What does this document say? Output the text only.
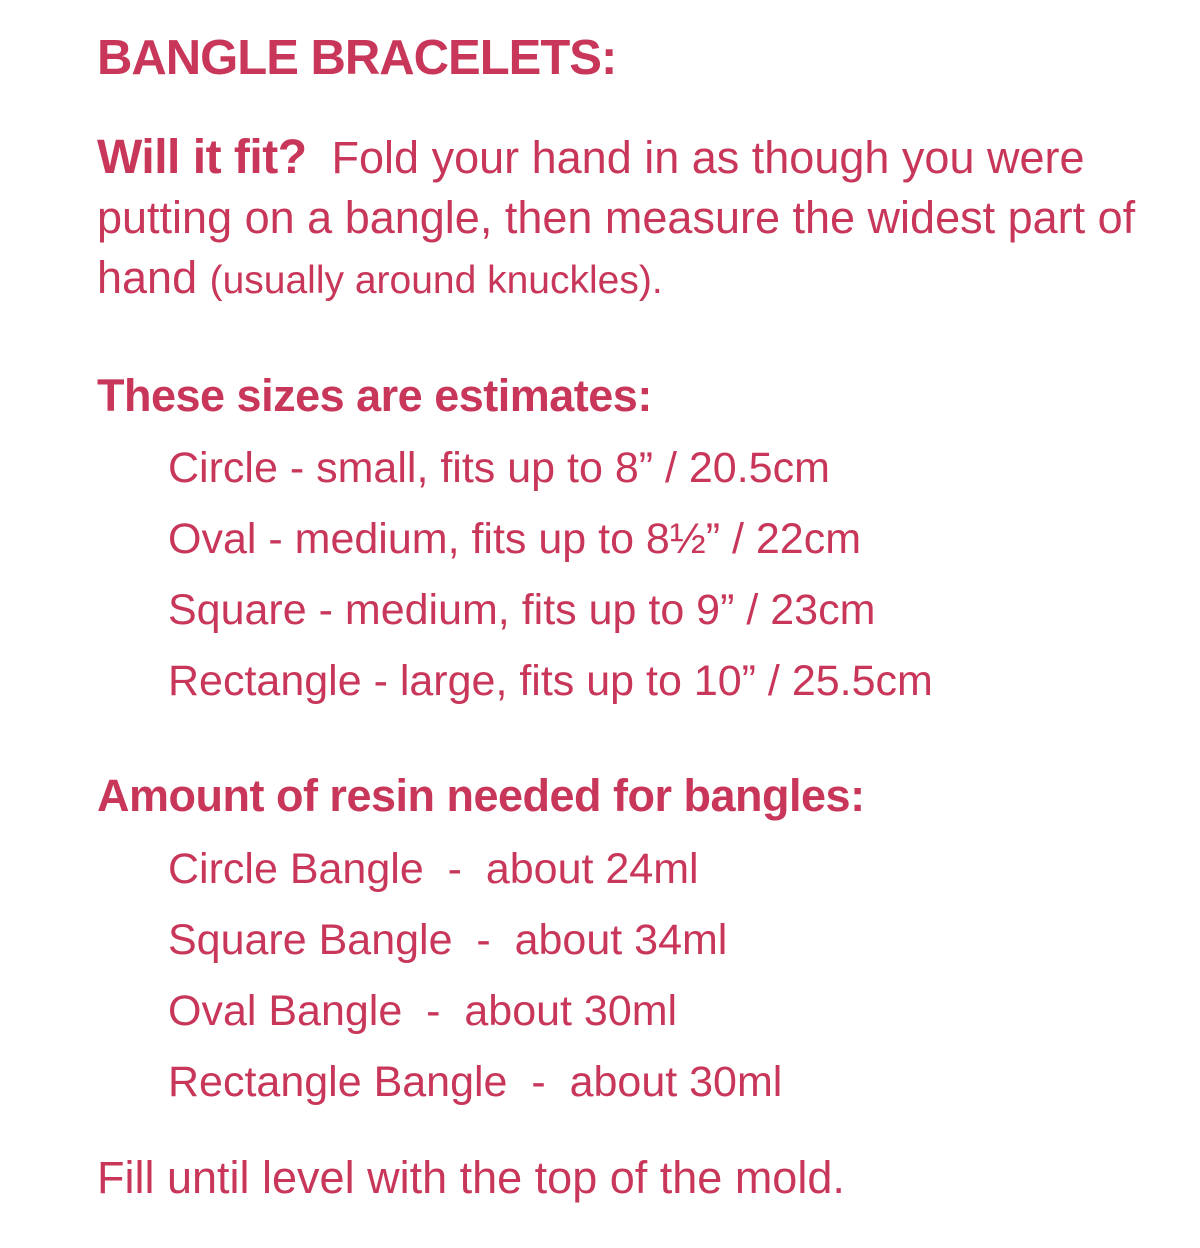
BANGLE BRACELETS:

Will it fit? Fold your hand in as though you were putting on a bangle, then measure the widest part of hand (usually around knuckles).

These sizes are estimates:
Circle - small, fits up to 8” / 20.5cm
Oval - medium, fits up to 8½” / 22cm
Square - medium, fits up to 9” / 23cm
Rectangle - large, fits up to 10” / 25.5cm
Amount of resin needed for bangles:
Circle Bangle  -  about 24ml
Square Bangle  -  about 34ml
Oval Bangle  -  about 30ml
Rectangle Bangle  -  about 30ml

Fill until level with the top of the mold.
